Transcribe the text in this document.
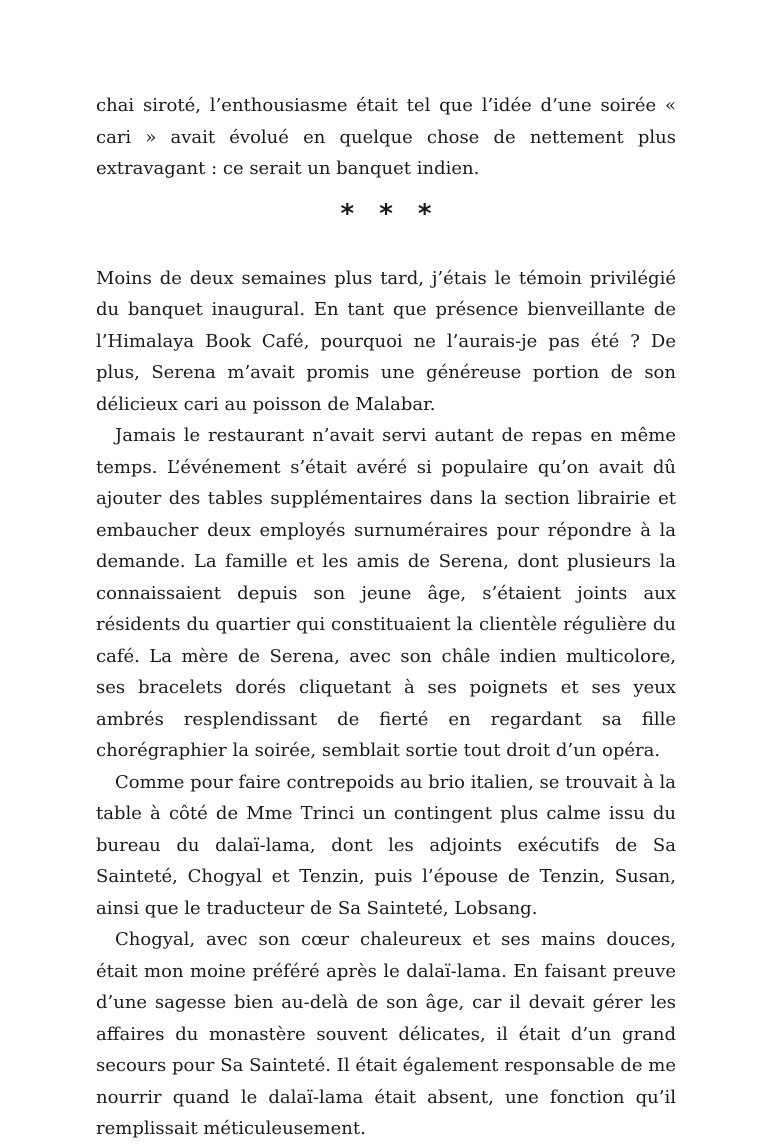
chai siroté, l’enthousiasme était tel que l’idée d’une soirée « cari » avait évolué en quelque chose de nettement plus extravagant : ce serait un banquet indien.

* * *

Moins de deux semaines plus tard, j’étais le témoin privilégié du banquet inaugural. En tant que présence bienveillante de l’Himalaya Book Café, pourquoi ne l’aurais-je pas été ? De plus, Serena m’avait promis une généreuse portion de son délicieux cari au poisson de Malabar.

Jamais le restaurant n’avait servi autant de repas en même temps. L’événement s’était avéré si populaire qu’on avait dû ajouter des tables supplémentaires dans la section librairie et embaucher deux employés surnuméraires pour répondre à la demande. La famille et les amis de Serena, dont plusieurs la connaissaient depuis son jeune âge, s’étaient joints aux résidents du quartier qui constituaient la clientèle régulière du café. La mère de Serena, avec son châle indien multicolore, ses bracelets dorés cliquetant à ses poignets et ses yeux ambrés resplendissant de fierté en regardant sa fille chorégraphier la soirée, semblait sortie tout droit d’un opéra.

Comme pour faire contrepoids au brio italien, se trouvait à la table à côté de Mme Trinci un contingent plus calme issu du bureau du dalaï-lama, dont les adjoints exécutifs de Sa Sainteté, Chogyal et Tenzin, puis l’épouse de Tenzin, Susan, ainsi que le traducteur de Sa Sainteté, Lobsang.

Chogyal, avec son cœur chaleureux et ses mains douces, était mon moine préféré après le dalaï-lama. En faisant preuve d’une sagesse bien au-delà de son âge, car il devait gérer les affaires du monastère souvent délicates, il était d’un grand secours pour Sa Sainteté. Il était également responsable de me nourrir quand le dalaï-lama était absent, une fonction qu’il remplissait méticuleusement.
